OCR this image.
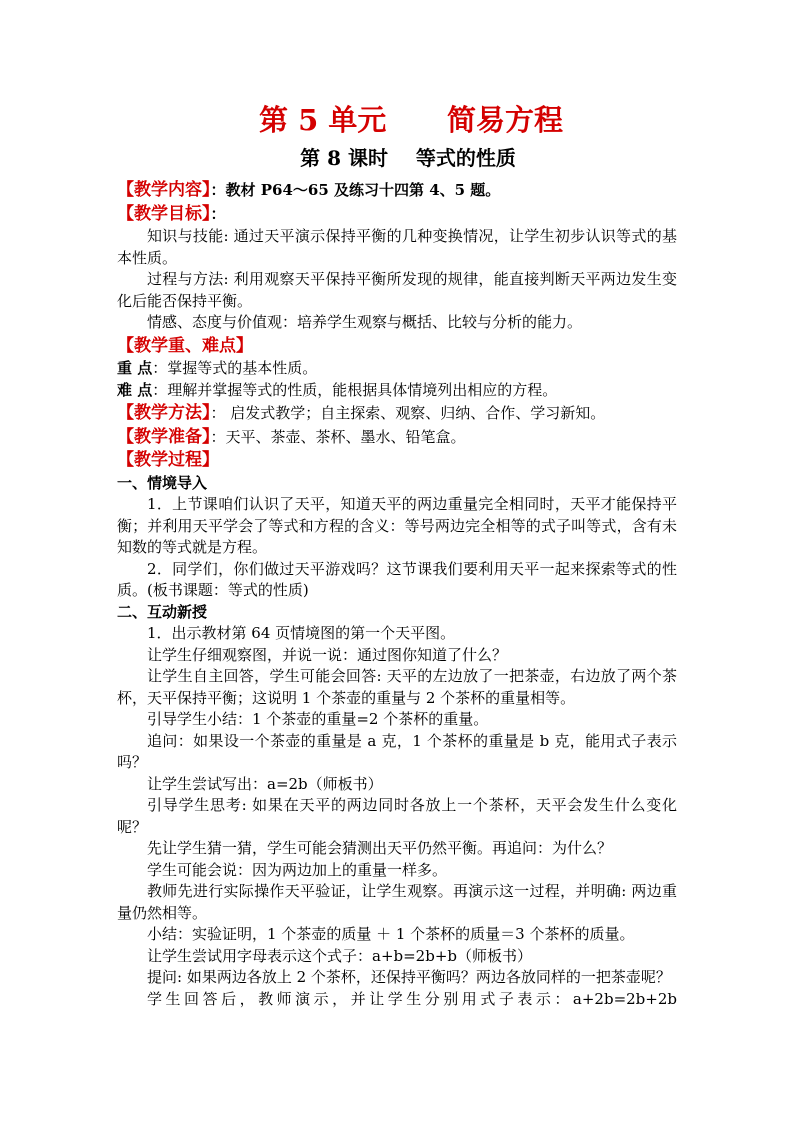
第 5 单元      简易方程
第 8 课时    等式的性质

【教学内容】：教材 P64～65 及练习十四第 4、5 题。

【教学目标】：

知识与技能: 通过天平演示保持平衡的几种变换情况，让学生初步认识等式的基本性质。

过程与方法: 利用观察天平保持平衡所发现的规律，能直接判断天平两边发生变化后能否保持平衡。

情感、态度与价值观：培养学生观察与概括、比较与分析的能力。

【教学重、难点】

重 点：掌握等式的基本性质。

难 点：理解并掌握等式的性质，能根据具体情境列出相应的方程。

【教学方法】： 启发式教学；自主探索、观察、归纳、合作、学习新知。

【教学准备】：天平、茶壶、茶杯、墨水、铅笔盒。

【教学过程】

一、情境导入

1．上节课咱们认识了天平，知道天平的两边重量完全相同时，天平才能保持平衡；并利用天平学会了等式和方程的含义：等号两边完全相等的式子叫等式，含有未知数的等式就是方程。

2．同学们，你们做过天平游戏吗？这节课我们要利用天平一起来探索等式的性质。(板书课题：等式的性质)

二、互动新授

1．出示教材第 64 页情境图的第一个天平图。

让学生仔细观察图，并说一说：通过图你知道了什么？

让学生自主回答，学生可能会回答: 天平的左边放了一把茶壶，右边放了两个茶杯，天平保持平衡；这说明 1 个茶壶的重量与 2 个茶杯的重量相等。

引导学生小结：1 个茶壶的重量=2 个茶杯的重量。

追问：如果设一个茶壶的重量是 a 克，1 个茶杯的重量是 b 克，能用式子表示吗？

让学生尝试写出：a=2b（师板书）

引导学生思考: 如果在天平的两边同时各放上一个茶杯，天平会发生什么变化呢？

先让学生猜一猜，学生可能会猜测出天平仍然平衡。再追问：为什么？

学生可能会说：因为两边加上的重量一样多。

教师先进行实际操作天平验证，让学生观察。再演示这一过程，并明确: 两边重量仍然相等。

小结：实验证明，1 个茶壶的质量 ＋ 1 个茶杯的质量＝3 个茶杯的质量。

让学生尝试用字母表示这个式子：a+b=2b+b（师板书）

提问: 如果两边各放上 2 个茶杯，还保持平衡吗？两边各放同样的一把茶壶呢？

学生回答后，教师演示，并让学生分别用式子表示：a+2b=2b+2b
